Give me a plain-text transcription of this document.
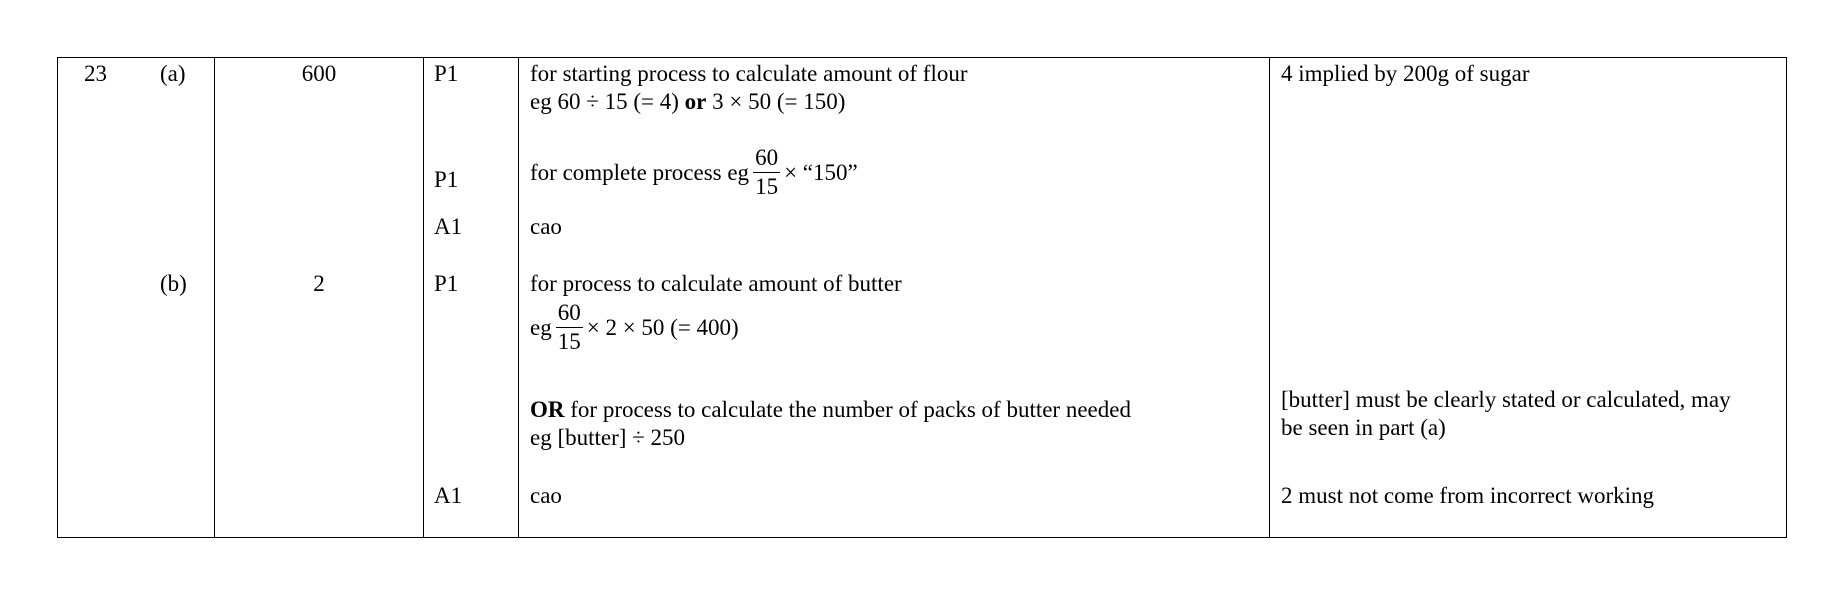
23 (a)
(b)
600
2
P1
P1
A1
P1
A1
for starting process to calculate amount of flour
eg 60 ÷ 15 (= 4) or 3 × 50 (= 150)
for complete process eg $\frac{60}{15}$ × “150”
cao
for process to calculate amount of butter
eg $\frac{60}{15} \times 2 \times 50$ (= 400)
OR for process to calculate the number of packs of butter needed
eg [butter] ÷ 250
cao
4 implied by 200g of sugar
[butter] must be clearly stated or calculated, may
be seen in part (a)
2 must not come from incorrect working
